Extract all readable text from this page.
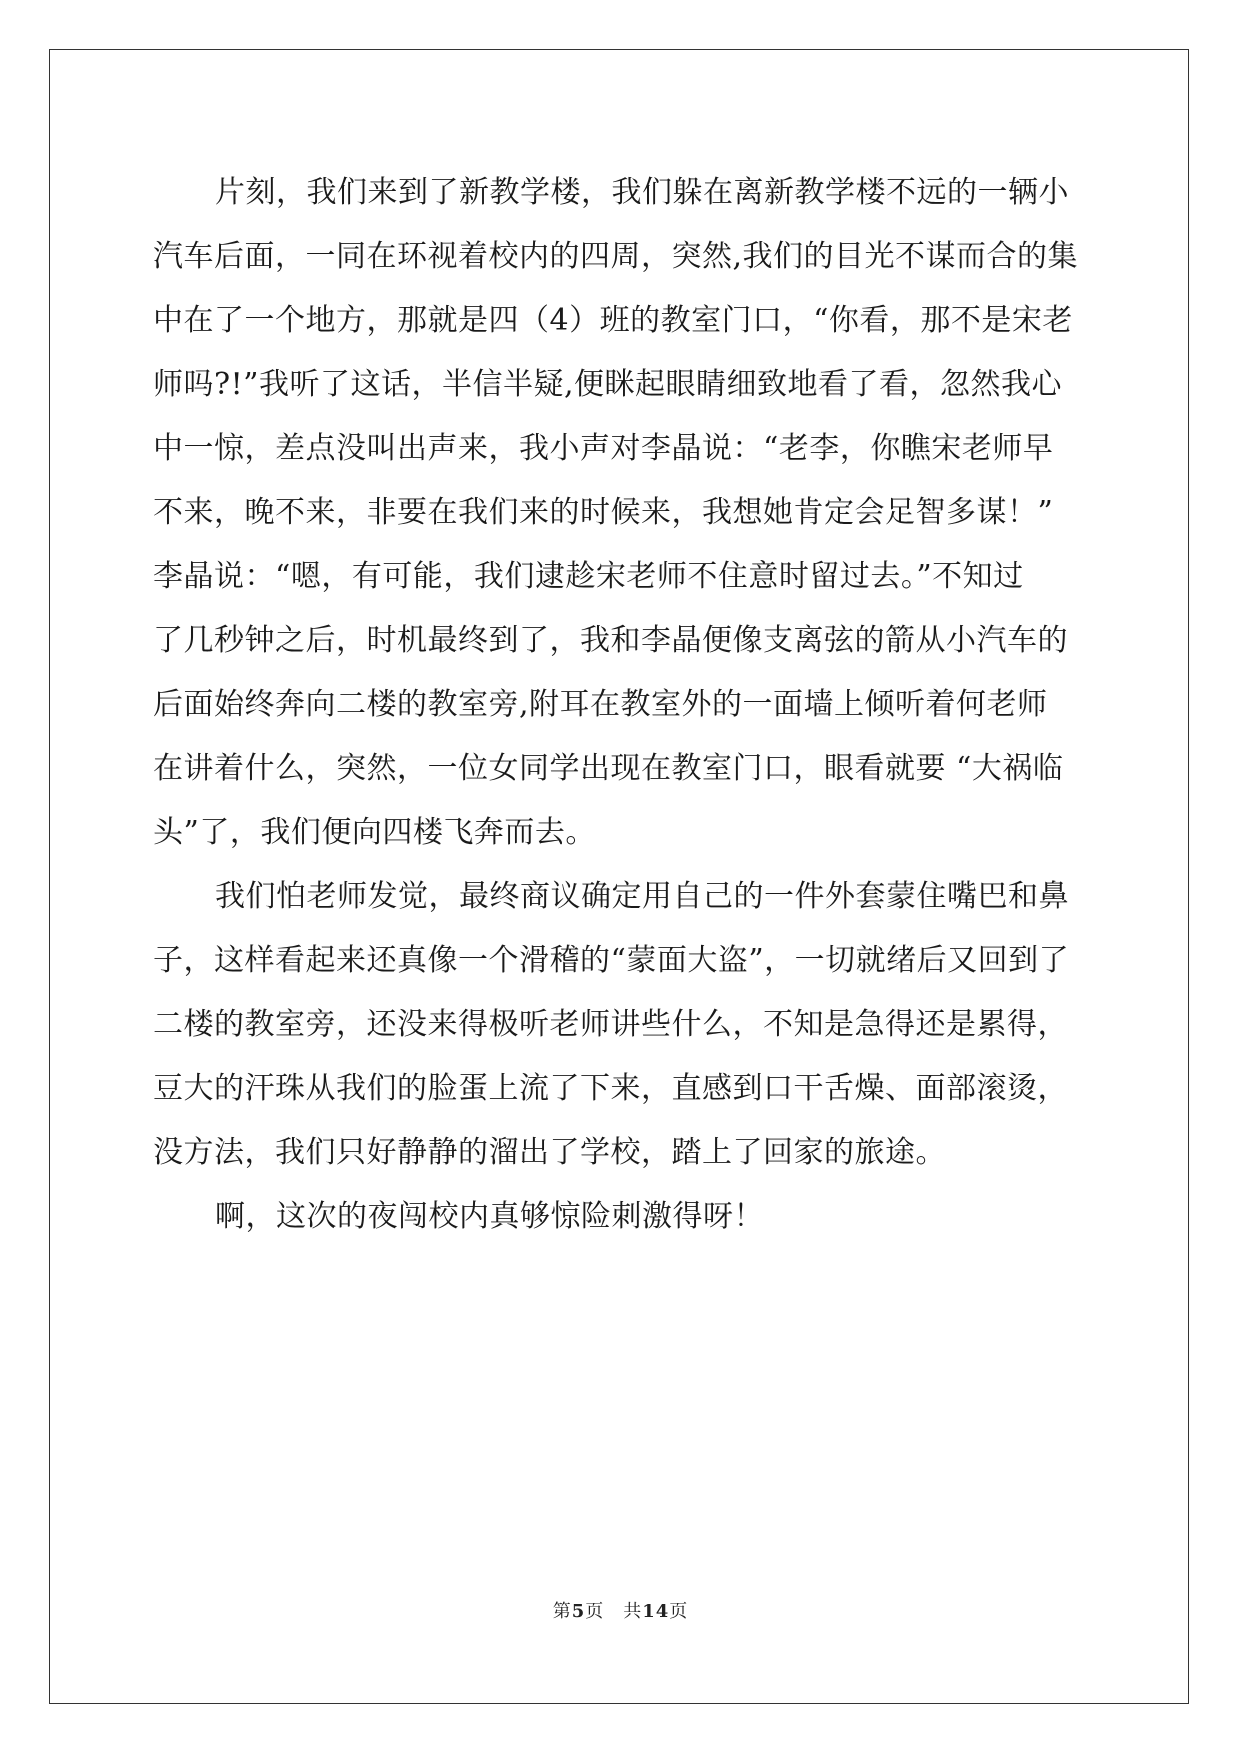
片刻，我们来到了新教学楼，我们躲在离新教学楼不远的一辆小
汽车后面，一同在环视着校内的四周，突然,我们的目光不谋而合的集
中在了一个地方，那就是四（4）班的教室门口，“你看，那不是宋老
师吗?!”我听了这话，半信半疑,便眯起眼睛细致地看了看，忽然我心
中一惊，差点没叫出声来，我小声对李晶说：“老李，你瞧宋老师早
不来，晚不来，非要在我们来的时候来，我想她肯定会足智多谋！”
李晶说：“嗯，有可能，我们逮趁宋老师不住意时留过去。”不知过
了几秒钟之后，时机最终到了，我和李晶便像支离弦的箭从小汽车的
后面始终奔向二楼的教室旁,附耳在教室外的一面墙上倾听着何老师
在讲着什么，突然，一位女同学出现在教室门口，眼看就要 “大祸临
头”了，我们便向四楼飞奔而去。
我们怕老师发觉，最终商议确定用自己的一件外套蒙住嘴巴和鼻
子，这样看起来还真像一个滑稽的“蒙面大盗”，一切就绪后又回到了
二楼的教室旁，还没来得极听老师讲些什么，不知是急得还是累得，
豆大的汗珠从我们的脸蛋上流了下来，直感到口干舌燥、面部滚烫，
没方法，我们只好静静的溜出了学校，踏上了回家的旅途。
啊，这次的夜闯校内真够惊险刺激得呀！
第5页　共14页
